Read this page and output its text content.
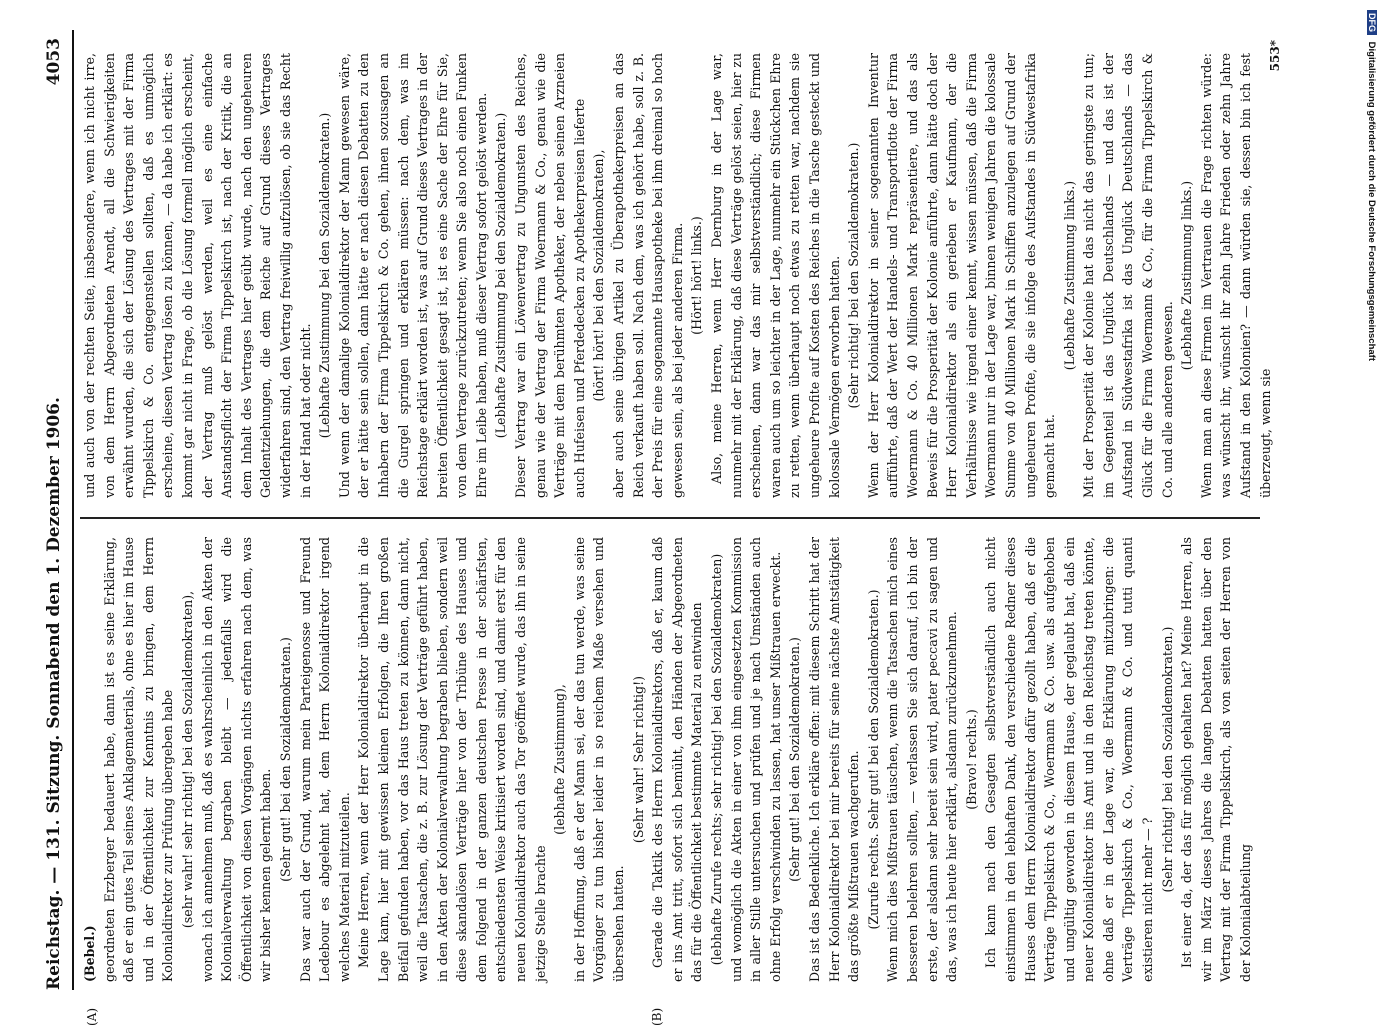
Reichstag. — 131. Sitzung. Sonnabend den 1. Dezember 1906.
4053
(A)	(B)

(Bebel.) geordneten Erzberger bedauert habe, dann ist es seine Erklärung, daß er ein gutes Teil seines Anklagematerials, ohne es hier im Hause und in der Öffentlichkeit zur Kenntnis zu bringen, dem Herrn Kolonialdirektor zur Prüfung übergeben habe (sehr wahr! sehr richtig! bei den Sozialdemokraten), wonach ich annehmen muß, daß es wahrscheinlich in den Akten der Kolonialverwaltung begraben bleibt — jedenfalls wird die Öffentlichkeit von diesen Vorgängen nichts erfahren nach dem, was wir bisher kennen gelernt haben. (Sehr gut! bei den Sozialdemokraten.) Das war auch der Grund, warum mein Parteigenosse und Freund Ledebour es abgelehnt hat, dem Herrn Kolonialdirektor irgend welches Material mitzuteilen. Meine Herren, wenn der Herr Kolonialdirektor überhaupt in die Lage kam, hier mit gewissen kleinen Erfolgen, die Ihren großen Beifall gefunden haben, vor das Haus treten zu können, dann nicht, weil die Tatsachen, die z. B. zur Lösung der Verträge geführt haben, in den Akten der Kolonialverwaltung begraben blieben, sondern weil diese skandalösen Verträge hier von der Tribüne des Hauses und dem folgend in der ganzen deutschen Presse in der schärfsten, entschiedensten Weise kritisiert worden sind, und damit erst für den neuen Kolonialdirektor auch das Tor geöffnet wurde, das ihn in seine jetzige Stelle brachte

(lebhafte Zustimmung), in der Hoffnung, daß er der Mann sei, der das tun werde, was seine Vorgänger zu tun bisher leider in so reichem Maße versehen und übersehen hatten.

(Sehr wahr! Sehr richtig!) Gerade die Taktik des Herrn Kolonialdirektors, daß er, kaum daß er ins Amt tritt, sofort sich bemüht, den Händen der Abgeordneten das für die Öffentlichkeit bestimmte Material zu entwinden (lebhafte Zurufe rechts; sehr richtig! bei den Sozialdemokraten) und womöglich die Akten in einer von ihm eingesetzten Kommission in aller Stille untersuchen und prüfen und je nach Umständen auch ohne Erfolg verschwinden zu lassen, hat unser Mißtrauen erweckt. (Sehr gut! bei den Sozialdemokraten.) Das ist das Bedenkliche. Ich erkläre offen: mit diesem Schritt hat der Herr Kolonialdirektor bei mir bereits für seine nächste Amtstätigkeit das größte Mißtrauen wachgerufen. (Zurufe rechts. Sehr gut! bei den Sozialdemokraten.) Wenn mich dies Mißtrauen täuschen, wenn die Tatsachen mich eines besseren belehren sollten, — verlassen Sie sich darauf, ich bin der erste, der alsdann sehr bereit sein wird, pater peccavi zu sagen und das, was ich heute hier erklärt, alsdann zurückzunehmen. (Bravo! rechts.) Ich kann nach den Gesagten selbstverständlich auch nicht einstimmen in den lebhaften Dank, den verschiedene Redner dieses Hauses dem Herrn Kolonialdirektor dafür gezollt haben, daß er die Verträge Tippelskirch & Co., Woermann & Co. usw. als aufgehoben und ungültig geworden in diesem Hause, der geglaubt hat, daß ein neuer Kolonialdirektor ins Amt und in den Reichstag treten könnte, ohne daß er in der Lage war, die Erklärung mitzubringen: die Verträge Tippelskirch & Co., Woermann & Co. und tutti quanti existieren nicht mehr — ?

(Sehr richtig! bei den Sozialdemokraten.) Ist einer da, der das für möglich gehalten hat? Meine Herren, als wir im März dieses Jahres die langen Debatten hatten über den Vertrag mit der Firma Tippelskirch, als von seiten der Herren von der Kolonialabteilung

und auch von der rechten Seite, insbesondere, wenn ich nicht irre, von dem Herrn Abgeordneten Arendt, all die Schwierigkeiten erwähnt wurden, die sich der Lösung des Vertrages mit der Firma Tippelskirch & Co. entgegenstellen sollten, daß es unmöglich erscheine, diesen Vertrag lösen zu können, — da habe ich erklärt: es kommt gar nicht in Frage, ob die Lösung formell möglich erscheint, der Vertrag muß gelöst werden, weil es eine einfache Anstandspflicht der Firma Tippelskirch ist, nach der Kritik, die an dem Inhalt des Vertrages hier geübt wurde, nach den ungeheuren Geldentziehungen, die dem Reiche auf Grund dieses Vertrages widerfahren sind, den Vertrag freiwillig aufzulösen, ob sie das Recht in der Hand hat oder nicht. (Lebhafte Zustimmung bei den Sozialdemokraten.) Und wenn der damalige Kolonialdirektor der Mann gewesen wäre, der er hätte sein sollen, dann hätte er nach diesen Debatten zu den Inhabern der Firma Tippelskirch & Co. gehen, ihnen sozusagen an die Gurgel springen und erklären müssen: nach dem, was im Reichstage erklärt worden ist, was auf Grund dieses Vertrages in der breiten Öffentlichkeit gesagt ist, ist es eine Sache der Ehre für Sie, von dem Vertrage zurückzutreten; wenn Sie also noch einen Funken Ehre im Leibe haben, muß dieser Vertrag sofort gelöst werden. (Lebhafte Zustimmung bei den Sozialdemokraten.) Dieser Vertrag war ein Löwenvertrag zu Ungunsten des Reiches, genau wie der Vertrag der Firma Woermann & Co., genau wie die Verträge mit dem berühmten Apotheker, der neben seinen Arzneien auch Hufeisen und Pferdedecken zu Apothekerpreisen lieferte (hört! hört! bei den Sozialdemokraten), aber auch seine übrigen Artikel zu Überapothekerpreisen an das Reich verkauft haben soll. Nach dem, was ich gehört habe, soll z. B. der Preis für eine sogenannte Hausapotheke bei ihm dreimal so hoch gewesen sein, als bei jeder anderen Firma. (Hört! hört! links.) Also, meine Herren, wenn Herr Dernburg in der Lage war, nunmehr mit der Erklärung, daß diese Verträge gelöst seien, hier zu erscheinen, dann war das mir selbstverständlich; diese Firmen waren auch um so leichter in der Lage, nunmehr ein Stückchen Ehre zu retten, wenn überhaupt noch etwas zu retten war, nachdem sie ungeheure Profite auf Kosten des Reiches in die Tasche gesteckt und kolossale Vermögen erworben hatten. (Sehr richtig! bei den Sozialdemokraten.) Wenn der Herr Kolonialdirektor in seiner sogenannten Inventur aufführte, daß der Wert der Handels- und Transportflotte der Firma Woermann & Co. 40 Millionen Mark repräsentiere, und das als Beweis für die Prosperität der Kolonie anführte, dann hätte doch der Herr Kolonialdirektor als ein gerieben er Kaufmann, der die Verhältnisse wie irgend einer kennt, wissen müssen, daß die Firma Woermann nur in der Lage war, binnen wenigen Jahren die kolossale Summe von 40 Millionen Mark in Schiffen anzulegen auf Grund der ungeheuren Profite, die sie infolge des Aufstandes in Südwestafrika gemacht hat.

(Lebhafte Zustimmung links.) Mit der Prosperität der Kolonie hat das nicht das geringste zu tun; im Gegenteil ist das Unglück Deutschlands — und das ist der Aufstand in Südwestafrika ist das Unglück Deutschlands — das Glück für die Firma Woermann & Co., für die Firma Tippelskirch & Co. und alle anderen gewesen.

(Lebhafte Zustimmung links.) Wenn man an diese Firmen im Vertrauen die Frage richten würde: was wünscht ihr, wünscht ihr zehn Jahre Frieden oder zehn Jahre Aufstand in den Kolonien? — dann würden sie, dessen bin ich fest überzeugt, wenn sie

553*
DFG Digitalisierung gefördert durch die Deutsche Forschungsgemeinschaft
